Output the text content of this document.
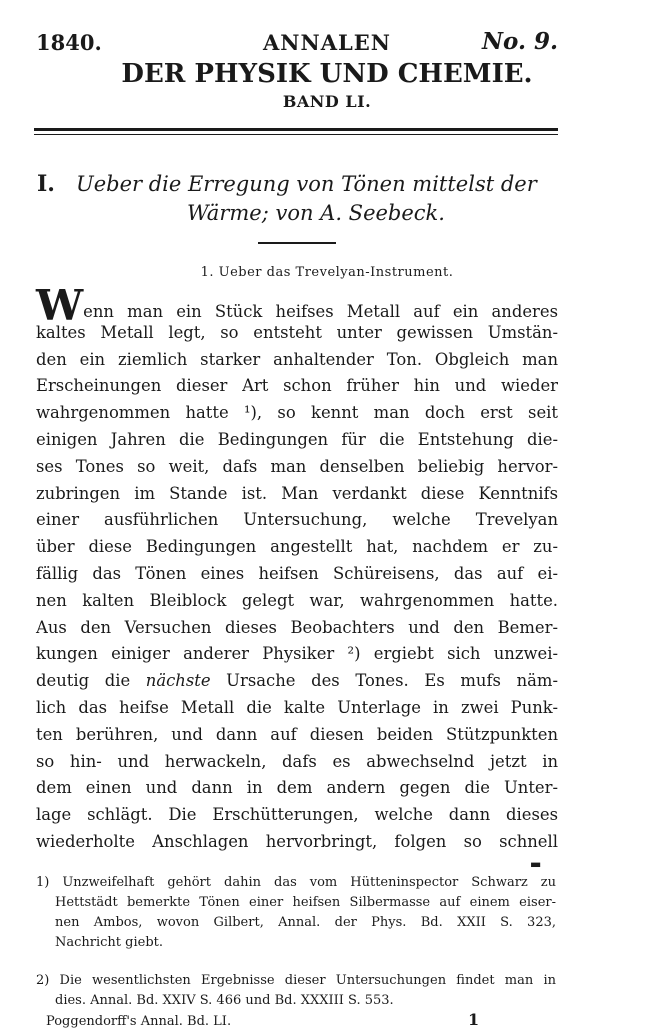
1840.	ANNALEN	No. 9.
DER PHYSIK UND CHEMIE.
BAND LI.
I. Ueber die Erregung von Tönen mittelst der
Wärme; von A. Seebeck.
1. Ueber das Trevelyan-Instrument.
Wenn man ein Stück heifses Metall auf ein anderes
kaltes Metall legt, so entsteht unter gewissen Umstän-
den ein ziemlich starker anhaltender Ton. Obgleich man
Erscheinungen dieser Art schon früher hin und wieder
wahrgenommen hatte ¹), so kennt man doch erst seit
einigen Jahren die Bedingungen für die Entstehung die-
ses Tones so weit, dafs man denselben beliebig hervor-
zubringen im Stande ist. Man verdankt diese Kenntnifs
einer ausführlichen Untersuchung, welche Trevelyan
über diese Bedingungen angestellt hat, nachdem er zu-
fällig das Tönen eines heifsen Schüreisens, das auf ei-
nen kalten Bleiblock gelegt war, wahrgenommen hatte.
Aus den Versuchen dieses Beobachters und den Bemer-
kungen einiger anderer Physiker ²) ergiebt sich unzwei-
deutig die nächste Ursache des Tones. Es mufs näm-
lich das heifse Metall die kalte Unterlage in zwei Punk-
ten berühren, und dann auf diesen beiden Stützpunkten
so hin- und herwackeln, dafs es abwechselnd jetzt in
dem einen und dann in dem andern gegen die Unter-
lage schlägt. Die Erschütterungen, welche dann dieses
wiederholte Anschlagen hervorbringt, folgen so schnell
▬
1) Unzweifelhaft gehört dahin das vom Hütteninspector Schwarz zu
Hettstädt bemerkte Tönen einer heifsen Silbermasse auf einem eiser-
nen Ambos, wovon Gilbert, Annal. der Phys. Bd. XXII S. 323,
Nachricht giebt.
2) Die wesentlichsten Ergebnisse dieser Untersuchungen findet man in
dies. Annal. Bd. XXIV S. 466 und Bd. XXXIII S. 553.
Poggendorff's Annal. Bd. LI.	1
